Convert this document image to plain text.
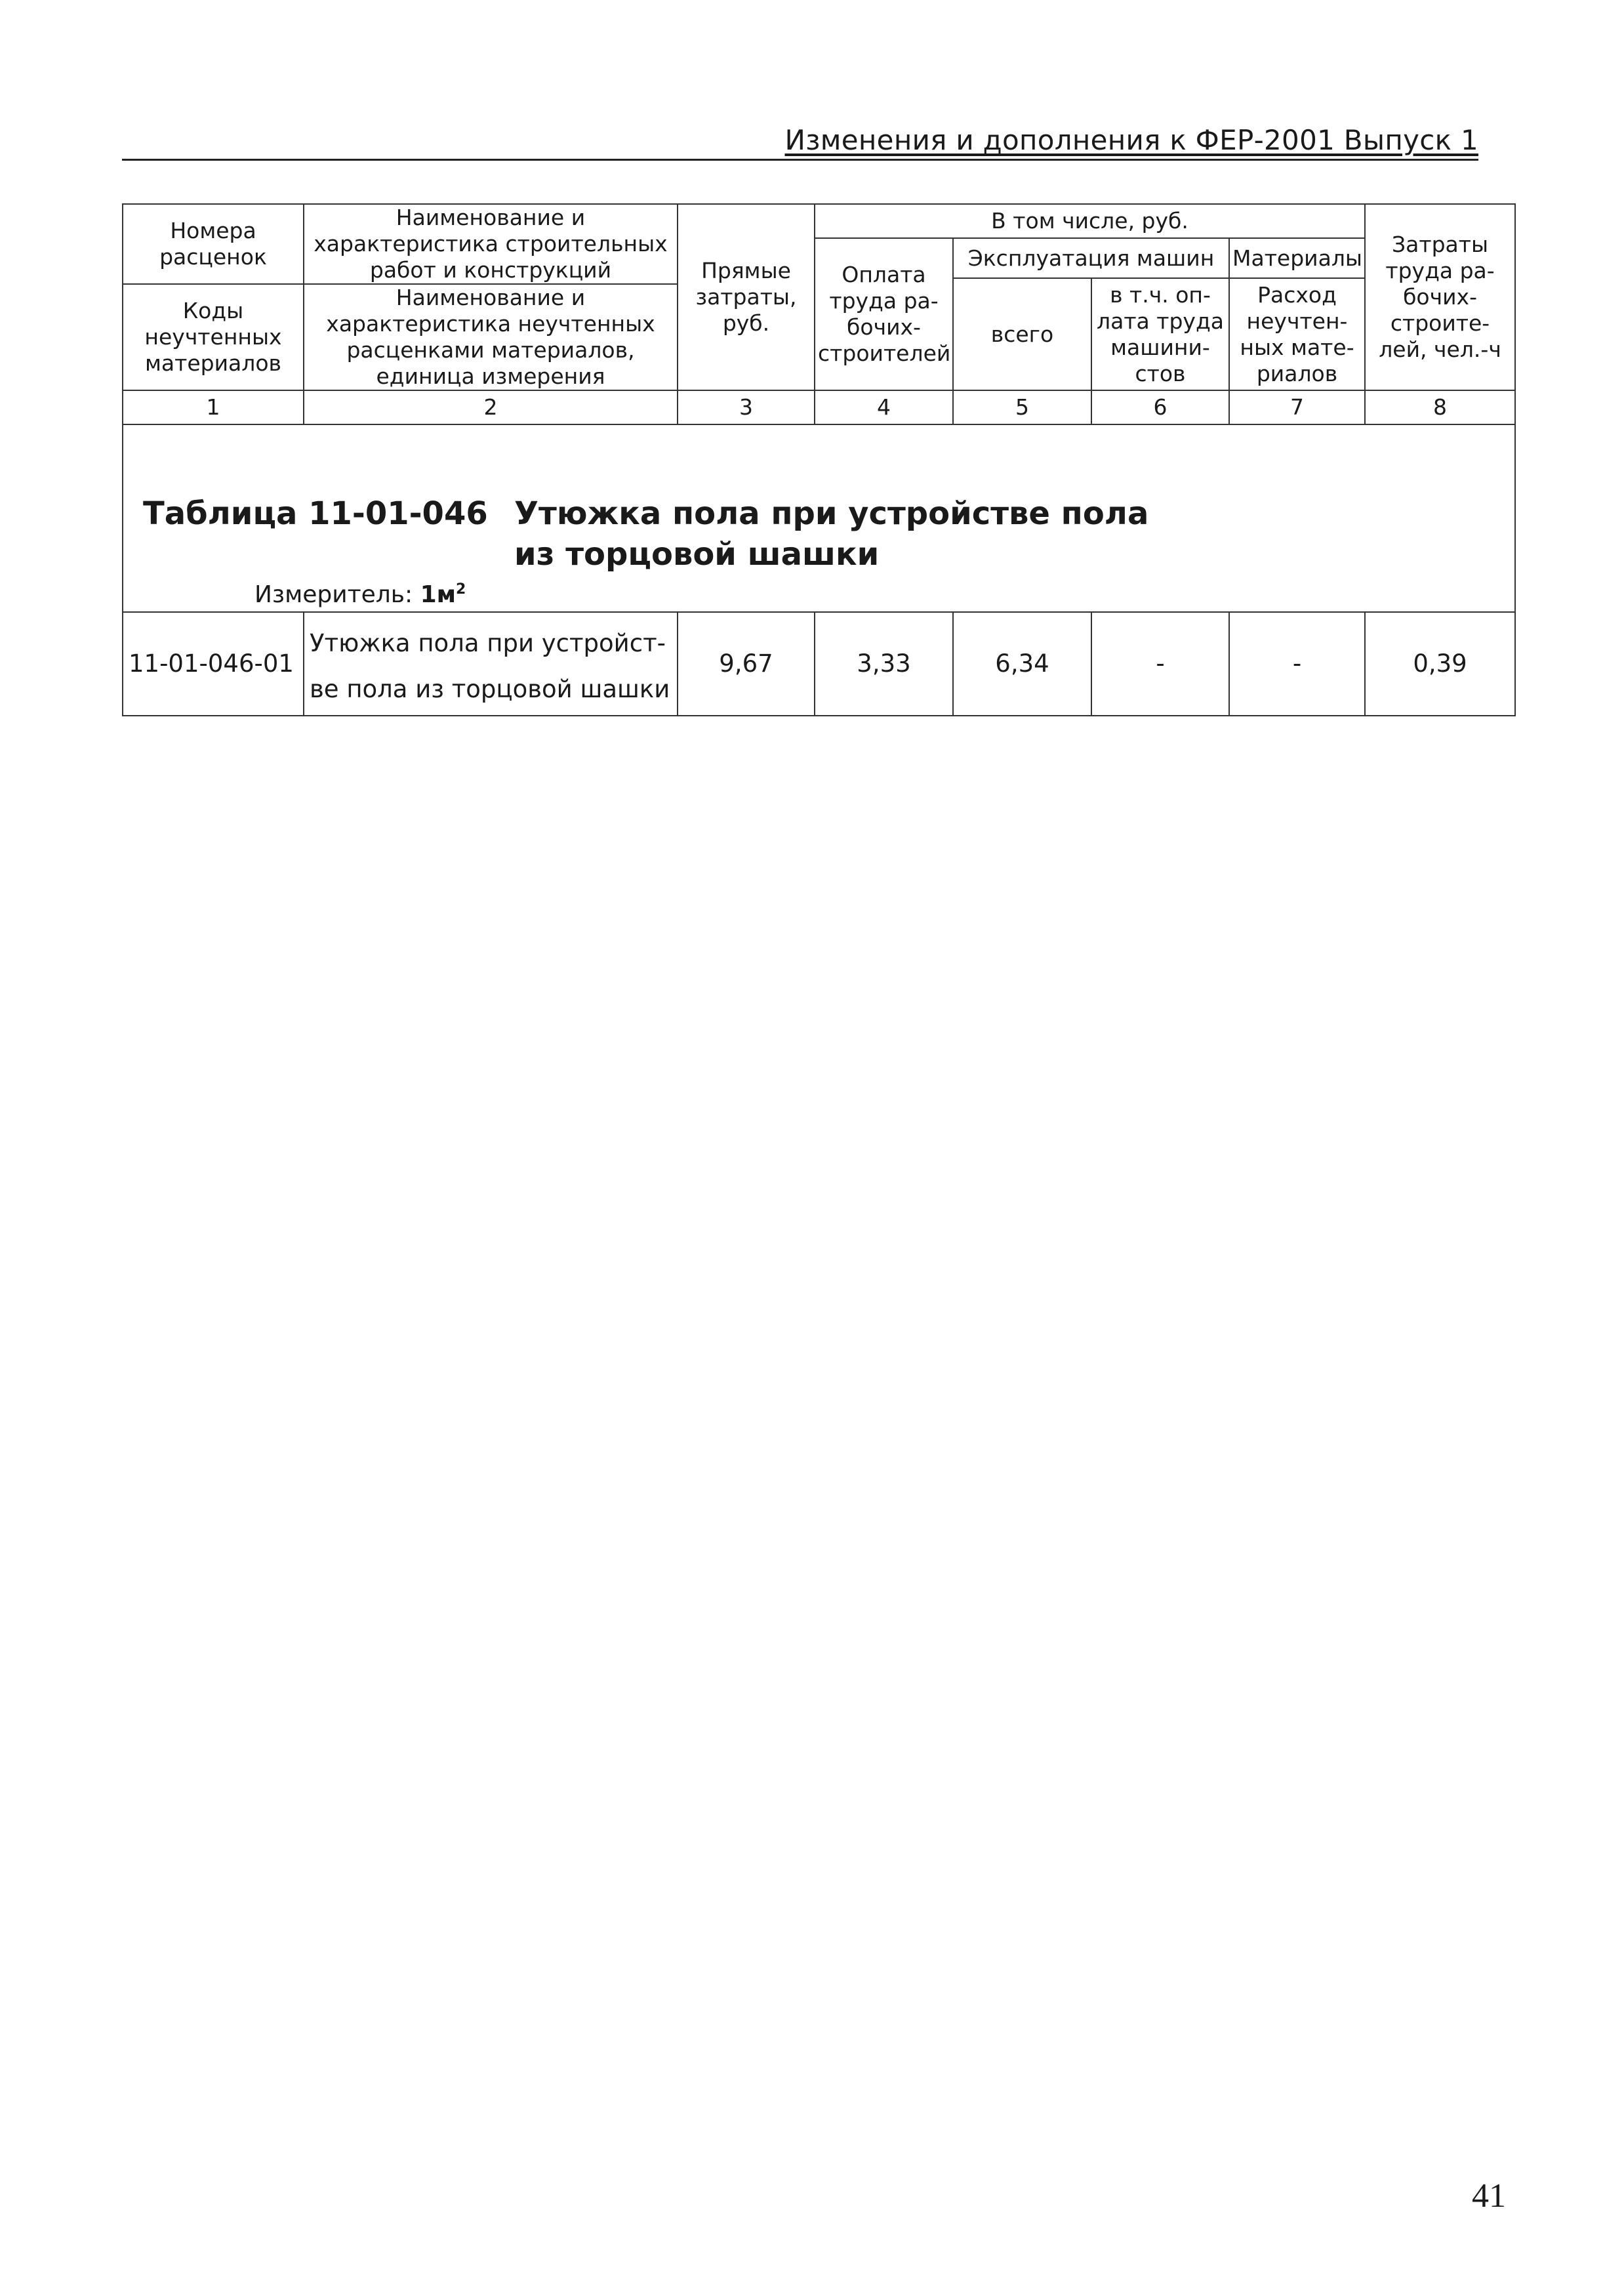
Изменения и дополнения к ФЕР-2001 Выпуск 1
Номера расценок	Наименование и характеристика строительных работ и конструкций	Прямые затраты, руб.	В том числе, руб.				Затраты труда ра- бочих- строите- лей, чел.-ч
			Оплата труда ра- бочих- строителей	Эксплуатация машин		Материалы	
				всего	в т.ч. оп- лата труда машини- стов	Расход неучтен- ных мате- риалов	
Коды неучтенных материалов	Наименование и характеристика неучтенных расценками материалов, единица измерения						

1	2	3	4	5	6	7	8

Таблица 11-01-046 Утюжка пола при устройстве пола из торцовой шашки
Измеритель: $1м^2$

11-01-046-01	Утюжка пола при устройст- ве пола из торцовой шашки	9,67	3,33	6,34	-	-	0,39
41
